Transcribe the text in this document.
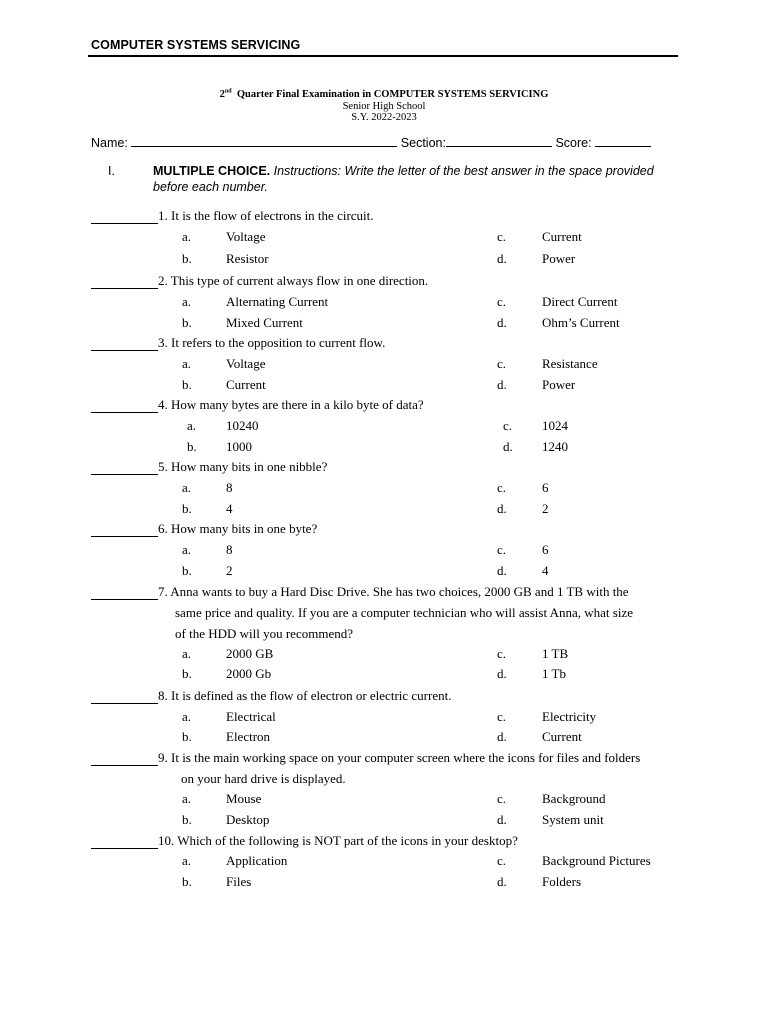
COMPUTER SYSTEMS SERVICING
2nd Quarter Final Examination in COMPUTER SYSTEMS SERVICING
Senior High School
S.Y. 2022-2023
Name:	Section:	Score:
I.	MULTIPLE CHOICE. Instructions: Write the letter of the best answer in the space provided before each number.
1. It is the flow of electrons in the circuit.
a.	Voltage	c.	Current
b.	Resistor	d.	Power
2. This type of current always flow in one direction.
a.	Alternating Current	c.	Direct Current
b.	Mixed Current	d.	Ohm’s Current
3. It refers to the opposition to current flow.
a.	Voltage	c.	Resistance
b.	Current	d.	Power
4. How many bytes are there in a kilo byte of data?
a. 10240	c. 1024
b. 1000	d. 1240
5. How many bits in one nibble?
a.	8	c.	6
b.	4	d.	2
6. How many bits in one byte?
a.	8	c.	6
b.	2	d.	4
7. Anna wants to buy a Hard Disc Drive. She has two choices, 2000 GB and 1 TB with the
same price and quality. If you are a computer technician who will assist Anna, what size
of the HDD will you recommend?
a.	2000 GB	c.	1 TB
b.	2000 Gb	d.	1 Tb
8. It is defined as the flow of electron or electric current.
a.	Electrical	c.	Electricity
b.	Electron	d.	Current
9. It is the main working space on your computer screen where the icons for files and folders
on your hard drive is displayed.
a.	Mouse	c.	Background
b.	Desktop	d.	System unit
10. Which of the following is NOT part of the icons in your desktop?
a.	Application	c.	Background Pictures
b.	Files	d.	Folders
